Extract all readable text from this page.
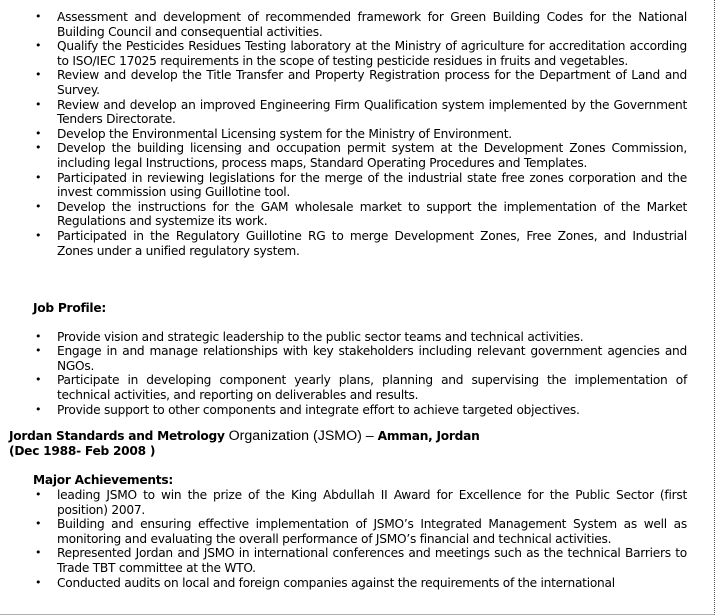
• Assessment and development of recommended framework for Green Building Codes for the National Building Council and consequential activities.
• Qualify the Pesticides Residues Testing laboratory at the Ministry of agriculture for accreditation according to ISO/IEC 17025 requirements in the scope of testing pesticide residues in fruits and vegetables.
• Review and develop the Title Transfer and Property Registration process for the Department of Land and Survey.
• Review and develop an improved Engineering Firm Qualification system implemented by the Government Tenders Directorate.
• Develop the Environmental Licensing system for the Ministry of Environment.
• Develop the building licensing and occupation permit system at the Development Zones Commission, including legal Instructions, process maps, Standard Operating Procedures and Templates.
• Participated in reviewing legislations for the merge of the industrial state free zones corporation and the invest commission using Guillotine tool.
• Develop the instructions for the GAM wholesale market to support the implementation of the Market Regulations and systemize its work.
• Participated in the Regulatory Guillotine RG to merge Development Zones, Free Zones, and Industrial Zones under a unified regulatory system.
Job Profile:
• Provide vision and strategic leadership to the public sector teams and technical activities.
• Engage in and manage relationships with key stakeholders including relevant government agencies and NGOs.
• Participate in developing component yearly plans, planning and supervising the implementation of technical activities, and reporting on deliverables and results.
• Provide support to other components and integrate effort to achieve targeted objectives.
Jordan Standards and Metrology Organization (JSMO) – Amman, Jordan
(Dec 1988- Feb 2008 )
Major Achievements:
• leading JSMO to win the prize of the King Abdullah II Award for Excellence for the Public Sector (first position) 2007.
• Building and ensuring effective implementation of JSMO’s Integrated Management System as well as monitoring and evaluating the overall performance of JSMO’s financial and technical activities.
• Represented Jordan and JSMO in international conferences and meetings such as the technical Barriers to Trade TBT committee at the WTO.
• Conducted audits on local and foreign companies against the requirements of the international
